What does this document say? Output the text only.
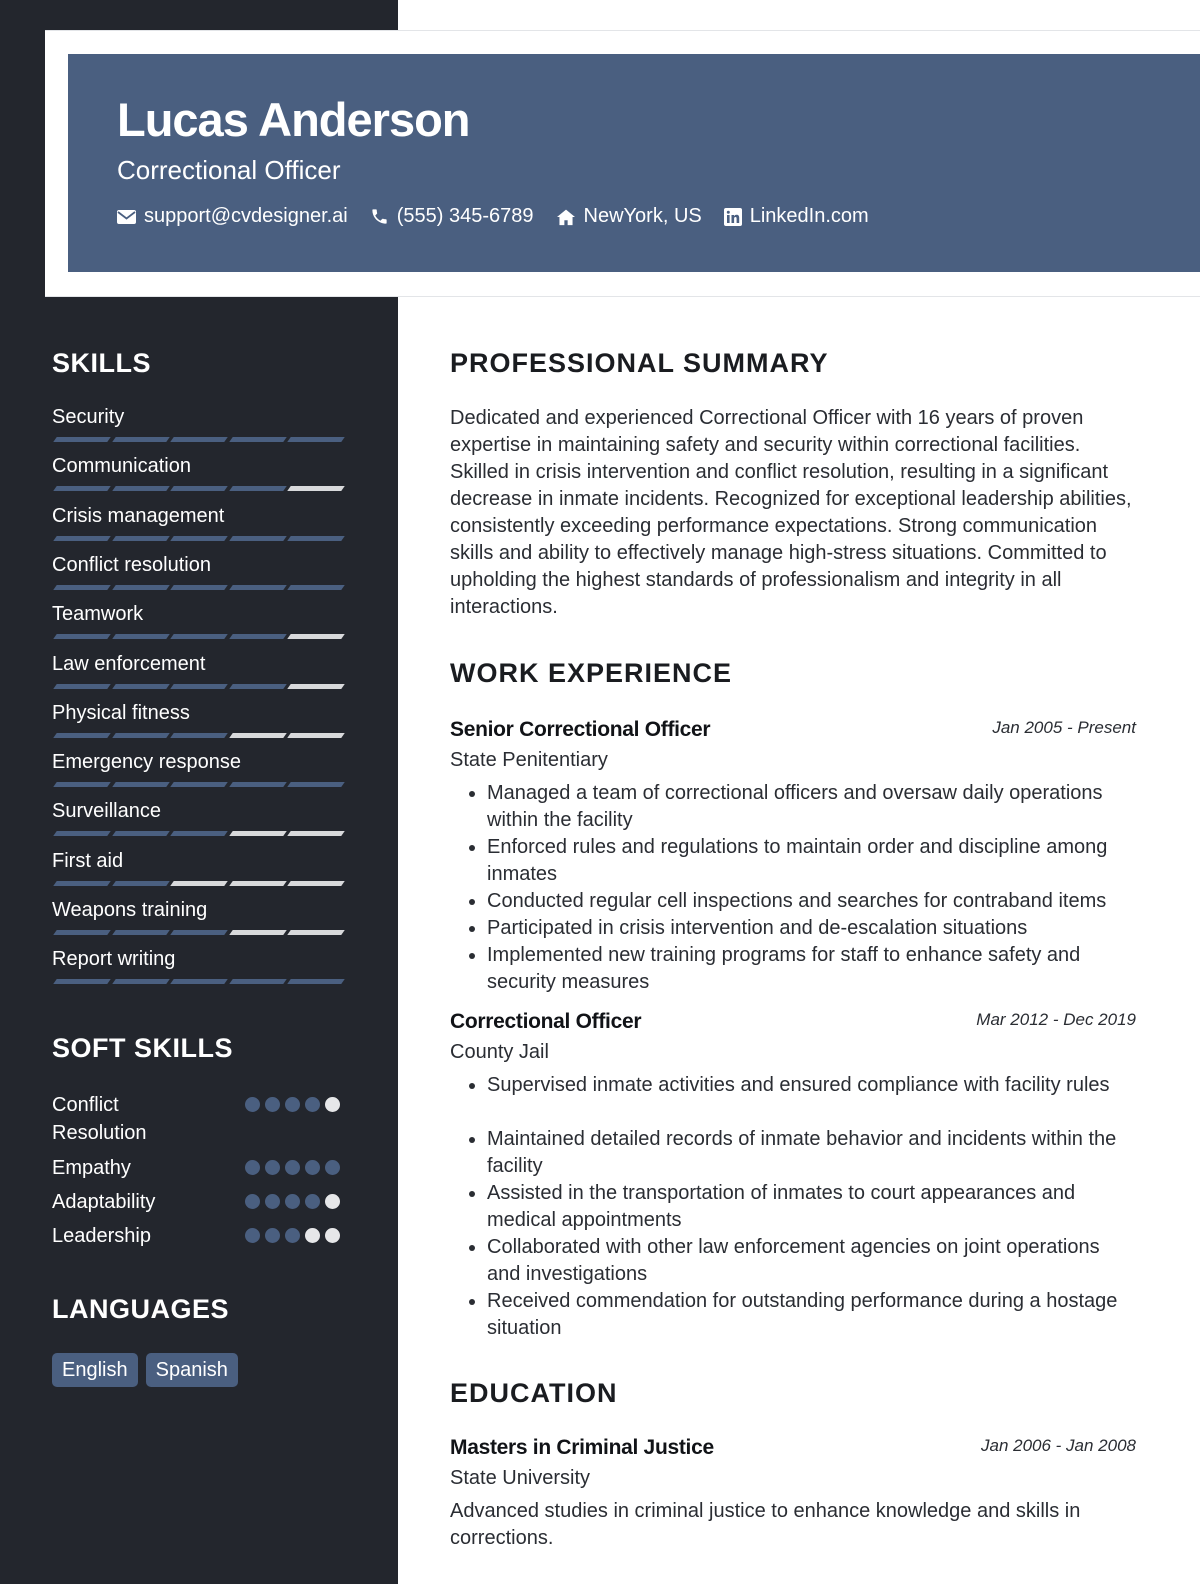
Lucas Anderson
Correctional Officer
support@cvdesigner.ai (555) 345-6789	NewYork, US LinkedIn.com
SKILLS
Security
Communication
Crisis management
Conflict resolution
Teamwork
Law enforcement
Physical fitness
Emergency response
Surveillance
First aid
Weapons training
Report writing
SOFT SKILLS
Conflict Resolution
Empathy
Adaptability
Leadership
LANGUAGES
English	Spanish
PROFESSIONAL SUMMARY
Dedicated and experienced Correctional Officer with 16 years of proven expertise in maintaining safety and security within correctional facilities. Skilled in crisis intervention and conflict resolution, resulting in a significant decrease in inmate incidents. Recognized for exceptional leadership abilities, consistently exceeding performance expectations. Strong communication skills and ability to effectively manage high-stress situations. Committed to upholding the highest standards of professionalism and integrity in all interactions.
WORK EXPERIENCE
Senior Correctional Officer	Jan 2005 - Present
State Penitentiary
• Managed a team of correctional officers and oversaw daily operations within the facility
• Enforced rules and regulations to maintain order and discipline among inmates
• Conducted regular cell inspections and searches for contraband items
• Participated in crisis intervention and de-escalation situations
• Implemented new training programs for staff to enhance safety and security measures
Correctional Officer	Mar 2012 - Dec 2019
County Jail
• Supervised inmate activities and ensured compliance with facility rules
• Maintained detailed records of inmate behavior and incidents within the facility
• Assisted in the transportation of inmates to court appearances and medical appointments
• Collaborated with other law enforcement agencies on joint operations and investigations
• Received commendation for outstanding performance during a hostage situation
EDUCATION
Masters in Criminal Justice	Jan 2006 - Jan 2008
State University
Advanced studies in criminal justice to enhance knowledge and skills in corrections.
